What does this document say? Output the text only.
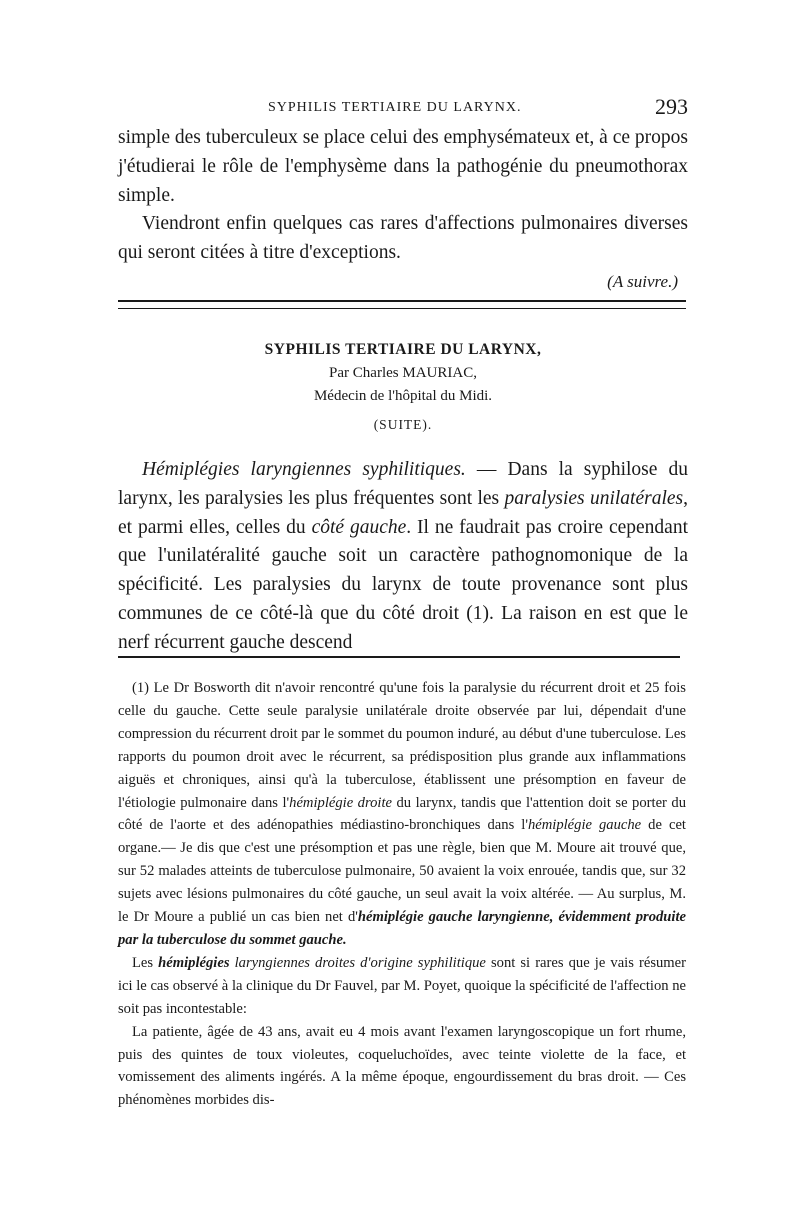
SYPHILIS TERTIAIRE DU LARYNX.	293

simple des tuberculeux se place celui des emphysémateux et, à ce propos j'étudierai le rôle de l'emphysème dans la pathogénie du pneumothorax simple.

Viendront enfin quelques cas rares d'affections pulmonaires diverses qui seront citées à titre d'exceptions.

(A suivre.)

SYPHILIS TERTIAIRE DU LARYNX,
Par Charles MAURIAC,
Médecin de l'hôpital du Midi.
(SUITE).

Hémiplégies laryngiennes syphilitiques. — Dans la syphilose du larynx, les paralysies les plus fréquentes sont les paralysies unilatérales, et parmi elles, celles du côté gauche. Il ne faudrait pas croire cependant que l'unilatéralité gauche soit un caractère pathognomonique de la spécificité. Les paralysies du larynx de toute provenance sont plus communes de ce côté-là que du côté droit (1). La raison en est que le nerf récurrent gauche descend

(1) Le Dr Bosworth dit n'avoir rencontré qu'une fois la paralysie du récurrent droit et 25 fois celle du gauche. Cette seule paralysie unilatérale droite observée par lui, dépendait d'une compression du récurrent droit par le sommet du poumon induré, au début d'une tuberculose. Les rapports du poumon droit avec le récurrent, sa prédisposition plus grande aux inflammations aiguës et chroniques, ainsi qu'à la tuberculose, établissent une présomption en faveur de l'étiologie pulmonaire dans l'hémiplégie droite du larynx, tandis que l'attention doit se porter du côté de l'aorte et des adénopathies médiastino-bronchiques dans l'hémiplégie gauche de cet organe.— Je dis que c'est une présomption et pas une règle, bien que M. Moure ait trouvé que, sur 52 malades atteints de tuberculose pulmonaire, 50 avaient la voix enrouée, tandis que, sur 32 sujets avec lésions pulmonaires du côté gauche, un seul avait la voix altérée. — Au surplus, M. le Dr Moure a publié un cas bien net d'hémiplégie gauche laryngienne, évidemment produite par la tuberculose du sommet gauche.

Les hémiplégies laryngiennes droites d'origine syphilitique sont si rares que je vais résumer ici le cas observé à la clinique du Dr Fauvel, par M. Poyet, quoique la spécificité de l'affection ne soit pas incontestable:

La patiente, âgée de 43 ans, avait eu 4 mois avant l'examen laryngoscopique un fort rhume, puis des quintes de toux violeutes, coqueluchoïdes, avec teinte violette de la face, et vomissement des aliments ingérés. A la même époque, engourdissement du bras droit. — Ces phénomènes morbides dis-
